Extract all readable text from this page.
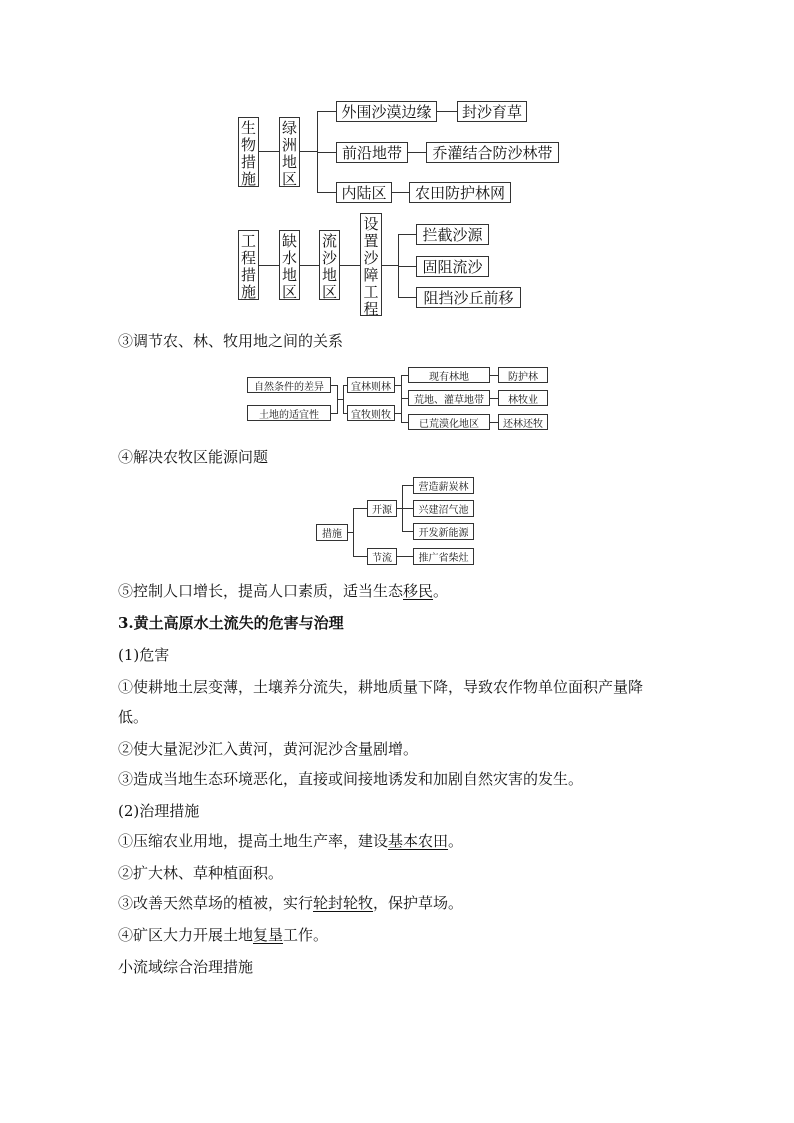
生
物
措
施
绿
洲
地
区
外围沙漠边缘 封沙育草
前沿地带 乔灌结合防沙林带
内陆区 农田防护林网
工
程
措
施
缺
水
地
区
流
沙
地
区
设
置
沙
障
工
程
拦截沙源
固阻流沙
阻挡沙丘前移
③调节农、林、牧用地之间的关系
自然条件的差异
土地的适宜性
宜林则林
宜牧则牧
现有林地
荒地、灌草地带
已荒漠化地区
防护林
林牧业
还林还牧
④解决农牧区能源问题
措施
开源
节流
营造薪炭林
兴建沼气池
开发新能源
推广省柴灶
⑤控制人口增长，提高人口素质，适当生态移民。
3.黄土高原水土流失的危害与治理
(1)危害
①使耕地土层变薄，土壤养分流失，耕地质量下降，导致农作物单位面积产量降
低。
②使大量泥沙汇入黄河，黄河泥沙含量剧增。
③造成当地生态环境恶化，直接或间接地诱发和加剧自然灾害的发生。
(2)治理措施
①压缩农业用地，提高土地生产率，建设基本农田。
②扩大林、草种植面积。
③改善天然草场的植被，实行轮封轮牧，保护草场。
④矿区大力开展土地复垦工作。
小流域综合治理措施
